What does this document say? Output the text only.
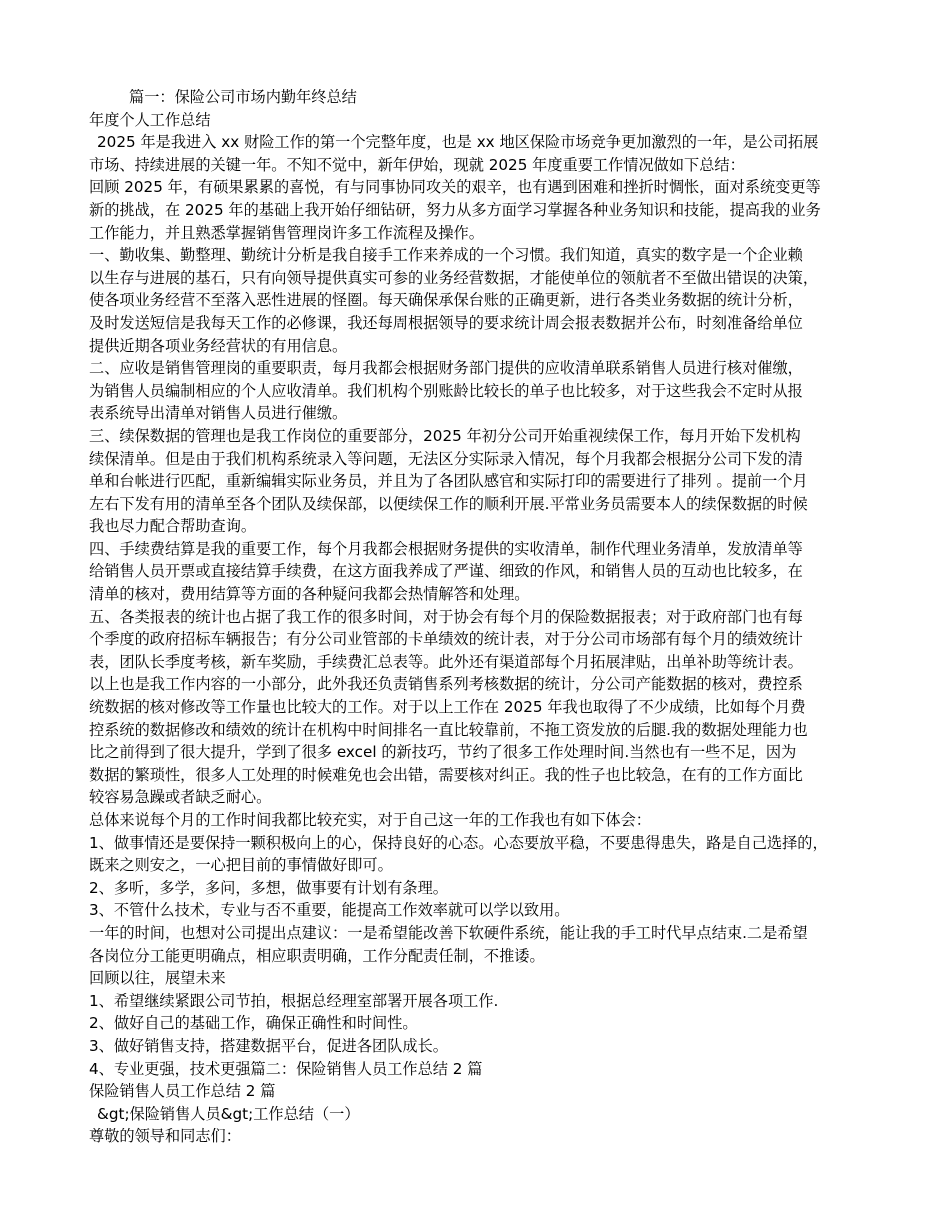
篇一：保险公司市场内勤年终总结
年度个人工作总结
2025 年是我进入 xx 财险工作的第一个完整年度，也是 xx 地区保险市场竞争更加激烈的一年，是公司拓展
市场、持续进展的关键一年。不知不觉中，新年伊始，现就 2025 年度重要工作情况做如下总结：
回顾 2025 年，有硕果累累的喜悦，有与同事协同攻关的艰辛，也有遇到困难和挫折时惆怅，面对系统变更等
新的挑战，在 2025 年的基础上我开始仔细钻研，努力从多方面学习掌握各种业务知识和技能，提高我的业务
工作能力，并且熟悉掌握销售管理岗许多工作流程及操作。
一、勤收集、勤整理、勤统计分析是我自接手工作来养成的一个习惯。我们知道，真实的数字是一个企业赖
以生存与进展的基石，只有向领导提供真实可参的业务经营数据，才能使单位的领航者不至做出错误的决策，
使各项业务经营不至落入恶性进展的怪圈。每天确保承保台账的正确更新，进行各类业务数据的统计分析，
及时发送短信是我每天工作的必修课，我还每周根据领导的要求统计周会报表数据并公布，时刻准备给单位
提供近期各项业务经营状的有用信息。
二、应收是销售管理岗的重要职责，每月我都会根据财务部门提供的应收清单联系销售人员进行核对催缴，
为销售人员编制相应的个人应收清单。我们机构个别账龄比较长的单子也比较多，对于这些我会不定时从报
表系统导出清单对销售人员进行催缴。
三、续保数据的管理也是我工作岗位的重要部分，2025 年初分公司开始重视续保工作，每月开始下发机构
续保清单。但是由于我们机构系统录入等问题，无法区分实际录入情况，每个月我都会根据分公司下发的清
单和台帐进行匹配，重新编辑实际业务员，并且为了各团队感官和实际打印的需要进行了排列 。提前一个月
左右下发有用的清单至各个团队及续保部，以便续保工作的顺利开展.平常业务员需要本人的续保数据的时候
我也尽力配合帮助查询。
四、手续费结算是我的重要工作，每个月我都会根据财务提供的实收清单，制作代理业务清单，发放清单等
给销售人员开票或直接结算手续费，在这方面我养成了严谨、细致的作风，和销售人员的互动也比较多，在
清单的核对，费用结算等方面的各种疑问我都会热情解答和处理。
五、各类报表的统计也占据了我工作的很多时间，对于协会有每个月的保险数据报表；对于政府部门也有每
个季度的政府招标车辆报告；有分公司业管部的卡单绩效的统计表，对于分公司市场部有每个月的绩效统计
表，团队长季度考核，新车奖励，手续费汇总表等。此外还有渠道部每个月拓展津贴，出单补助等统计表。
以上也是我工作内容的一小部分，此外我还负责销售系列考核数据的统计，分公司产能数据的核对，费控系
统数据的核对修改等工作量也比较大的工作。对于以上工作在 2025 年我也取得了不少成绩，比如每个月费
控系统的数据修改和绩效的统计在机构中时间排名一直比较靠前，不拖工资发放的后腿.我的数据处理能力也
比之前得到了很大提升，学到了很多 excel 的新技巧，节约了很多工作处理时间.当然也有一些不足，因为
数据的繁琐性，很多人工处理的时候难免也会出错，需要核对纠正。我的性子也比较急，在有的工作方面比
较容易急躁或者缺乏耐心。
总体来说每个月的工作时间我都比较充实，对于自己这一年的工作我也有如下体会：
1、做事情还是要保持一颗积极向上的心，保持良好的心态。心态要放平稳，不要患得患失，路是自己选择的，
既来之则安之，一心把目前的事情做好即可。
2、多听，多学，多问，多想，做事要有计划有条理。
3、不管什么技术，专业与否不重要，能提高工作效率就可以学以致用。
一年的时间，也想对公司提出点建议：一是希望能改善下软硬件系统，能让我的手工时代早点结束.二是希望
各岗位分工能更明确点，相应职责明确，工作分配责任制，不推诿。
回顾以往，展望未来
1、希望继续紧跟公司节拍，根据总经理室部署开展各项工作.
2、做好自己的基础工作，确保正确性和时间性。
3、做好销售支持，搭建数据平台，促进各团队成长。
4、专业更强，技术更强篇二：保险销售人员工作总结 2 篇
保险销售人员工作总结 2 篇
&gt;保险销售人员&gt;工作总结（一）
尊敬的领导和同志们：
